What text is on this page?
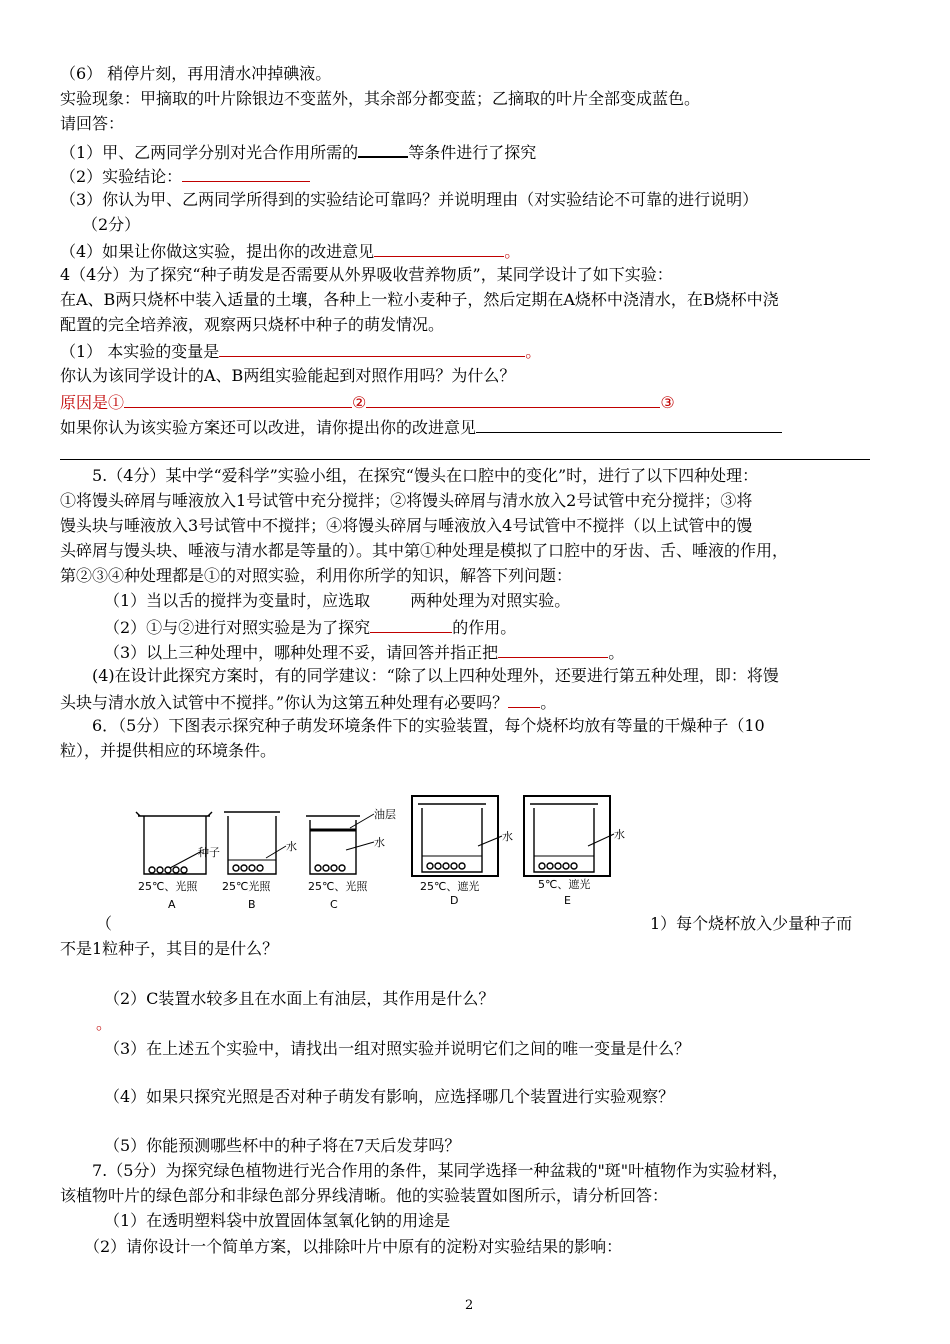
（6） 稍停片刻，再用清水冲掉碘液。
实验现象：甲摘取的叶片除银边不变蓝外，其余部分都变蓝；乙摘取的叶片全部变成蓝色。
请回答：
（1）甲、乙两同学分别对光合作用所需的	等条件进行了探究
（2）实验结论：
（3）你认为甲、乙两同学所得到的实验结论可靠吗？并说明理由（对实验结论不可靠的进行说明）
（2分）
（4）如果让你做这实验，提出你的改进意见	。
4（4分）为了探究“种子萌发是否需要从外界吸收营养物质”，某同学设计了如下实验：
在A、B两只烧杯中装入适量的土壤，各种上一粒小麦种子，然后定期在A烧杯中浇清水，在B烧杯中浇
配置的完全培养液，观察两只烧杯中种子的萌发情况。
（1） 本实验的变量是	。
你认为该同学设计的A、B两组实验能起到对照作用吗？为什么？
原因是①	②	③
如果你认为该实验方案还可以改进，请你提出你的改进意见
5.（4分）某中学“爱科学”实验小组，在探究“馒头在口腔中的变化”时，进行了以下四种处理：
①将馒头碎屑与唾液放入1号试管中充分搅拌；②将馒头碎屑与清水放入2号试管中充分搅拌；③将
馒头块与唾液放入3号试管中不搅拌；④将馒头碎屑与唾液放入4号试管中不搅拌（以上试管中的馒
头碎屑与馒头块、唾液与清水都是等量的）。其中第①种处理是模拟了口腔中的牙齿、舌、唾液的作用，
第②③④种处理都是①的对照实验，利用你所学的知识，解答下列问题：
（1）当以舌的搅拌为变量时，应选取	两种处理为对照实验。
（2）①与②进行对照实验是为了探究	的作用。
（3）以上三种处理中，哪种处理不妥，请回答并指正把	。
(4)在设计此探究方案时，有的同学建议：“除了以上四种处理外，还要进行第五种处理，即：将馒
头块与清水放入试管中不搅拌。”你认为这第五种处理有必要吗？ 。
6．（5分）下图表示探究种子萌发环境条件下的实验装置，每个烧杯均放有等量的干燥种子（10
粒），并提供相应的环境条件。
种子	水
油层
水	水	水
25℃、光照 25℃光照	25℃、光照	25℃、遮光	5℃、遮光
A	B	C	D	E
（	1）每个烧杯放入少量种子而
不是1粒种子，其目的是什么？
（2）C装置水较多且在水面上有油层，其作用是什么？
。
（3）在上述五个实验中，请找出一组对照实验并说明它们之间的唯一变量是什么？
（4）如果只探究光照是否对种子萌发有影响，应选择哪几个装置进行实验观察？
（5）你能预测哪些杯中的种子将在7天后发芽吗？
7.（5分）为探究绿色植物进行光合作用的条件，某同学选择一种盆栽的"斑"叶植物作为实验材料，
该植物叶片的绿色部分和非绿色部分界线清晰。他的实验装置如图所示，请分析回答：
（1）在透明塑料袋中放置固体氢氧化钠的用途是
（2）请你设计一个简单方案，以排除叶片中原有的淀粉对实验结果的影响：
2
